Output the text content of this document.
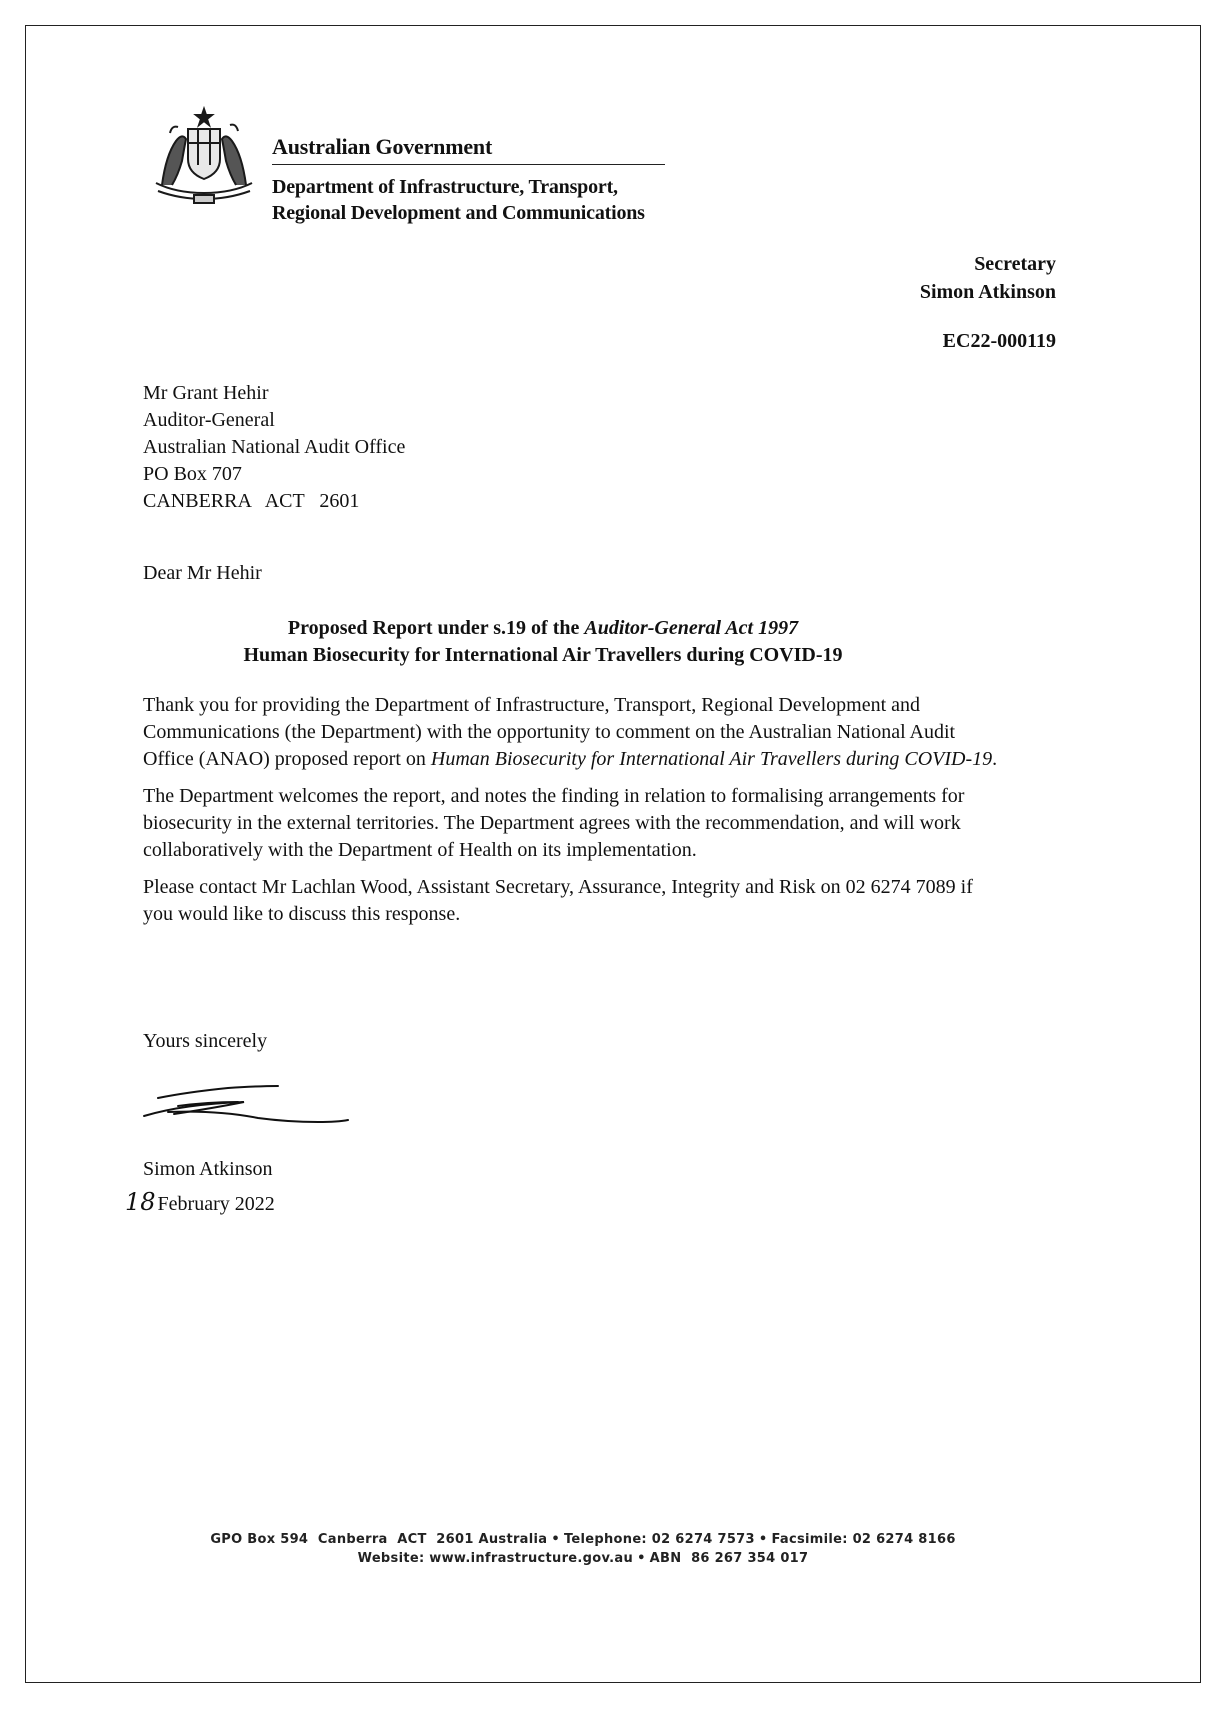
Australian Government
Department of Infrastructure, Transport,
Regional Development and Communications
Secretary
Simon Atkinson
EC22-000119
Mr Grant Hehir
Auditor-General
Australian National Audit Office
PO Box 707
CANBERRA   ACT   2601
Dear Mr Hehir
Proposed Report under s.19 of the Auditor-General Act 1997
Human Biosecurity for International Air Travellers during COVID-19

Thank you for providing the Department of Infrastructure, Transport, Regional Development and Communications (the Department) with the opportunity to comment on the Australian National Audit Office (ANAO) proposed report on Human Biosecurity for International Air Travellers during COVID-19.

The Department welcomes the report, and notes the finding in relation to formalising arrangements for biosecurity in the external territories. The Department agrees with the recommendation, and will work collaboratively with the Department of Health on its implementation.

Please contact Mr Lachlan Wood, Assistant Secretary, Assurance, Integrity and Risk on 02 6274 7089 if you would like to discuss this response.

Yours sincerely
Simon Atkinson
18 February 2022
GPO Box 594  Canberra  ACT  2601 Australia • Telephone: 02 6274 7573 • Facsimile: 02 6274 8166
Website: www.infrastructure.gov.au • ABN  86 267 354 017
